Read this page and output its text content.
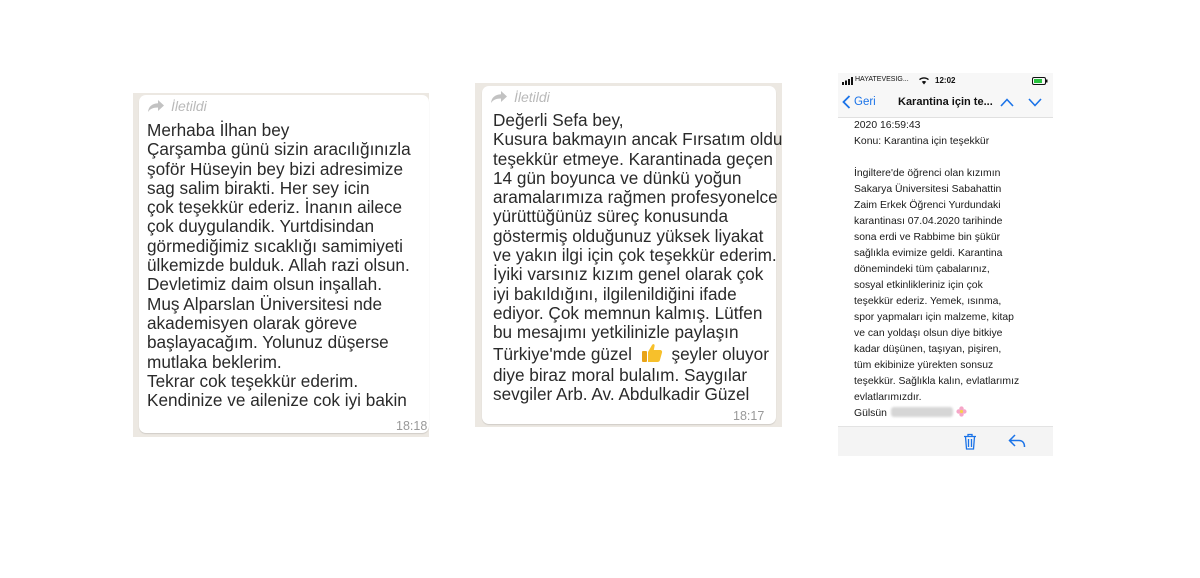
İletildi
Merhaba İlhan bey
Çarşamba günü sizin aracılığınızla
şoför Hüseyin bey bizi adresimize
sag salim birakti. Her sey icin
çok teşekkür ederiz. İnanın ailece
çok duygulandik. Yurtdisindan
görmediğimiz sıcaklığı samimiyeti
ülkemizde bulduk. Allah razi olsun.
Devletimiz daim olsun inşallah.
Muş Alparslan Üniversitesi nde
akademisyen olarak göreve
başlayacağım. Yolunuz düşerse
mutlaka beklerim.
Tekrar cok teşekkür ederim.
Kendinize ve ailenize cok iyi bakin
18:18
İletildi
Değerli Sefa bey,
Kusura bakmayın ancak Fırsatım oldu
teşekkür etmeye. Karantinada geçen
14 gün boyunca ve dünkü yoğun
aramalarımıza rağmen profesyonelce
yürüttüğünüz süreç konusunda
göstermiş olduğunuz yüksek liyakat
ve yakın ilgi için çok teşekkür ederim.
İyiki varsınız kızım genel olarak çok
iyi bakıldığını, ilgilenildiğini ifade
ediyor. Çok memnun kalmış. Lütfen
bu mesajımı yetkilinizle paylaşın
Türkiye'mde güzel şeyler oluyor
diye biraz moral bulalım. Saygılar
sevgiler Arb. Av. Abdulkadir Güzel
18:17
HAYATEVESIG...	12:02
Geri Karantina için te...
2020 16:59:43
Konu: Karantina için teşekkür
İngiltere'de öğrenci olan kızımın
Sakarya Üniversitesi Sabahattin
Zaim Erkek Öğrenci Yurdundaki
karantinası 07.04.2020 tarihinde
sona erdi ve Rabbime bin şükür
sağlıkla evimize geldi. Karantina
dönemindeki tüm çabalarınız,
sosyal etkinlikleriniz için çok
teşekkür ederiz. Yemek, ısınma,
spor yapmaları için malzeme, kitap
ve can yoldaşı olsun diye bitkiye
kadar düşünen, taşıyan, pişiren,
tüm ekibinize yürekten sonsuz
teşekkür. Sağlıkla kalın, evlatlarımız
evlatlarımızdır.
Gülsün
